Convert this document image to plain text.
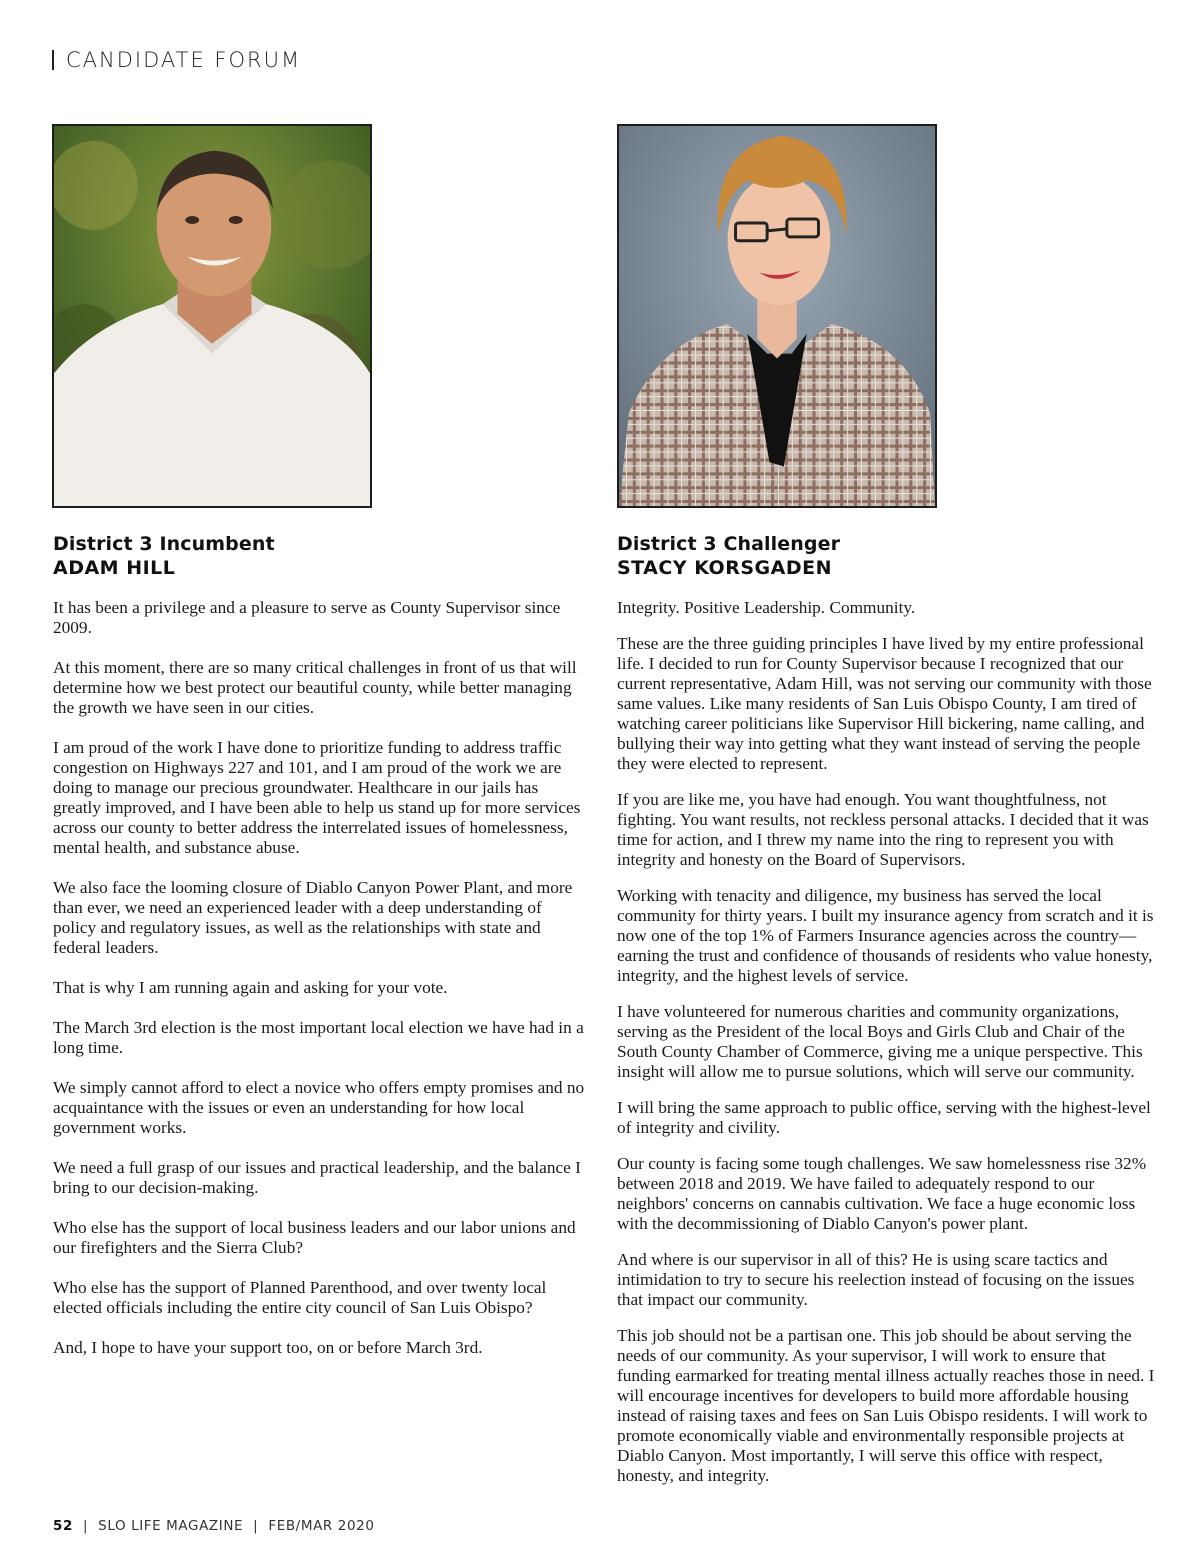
CANDIDATE FORUM
District 3 Incumbent
ADAM HILL

It has been a privilege and a pleasure to serve as County Supervisor since 2009.

At this moment, there are so many critical challenges in front of us that will determine how we best protect our beautiful county, while better managing the growth we have seen in our cities.

I am proud of the work I have done to prioritize funding to address traffic congestion on Highways 227 and 101, and I am proud of the work we are doing to manage our precious groundwater. Healthcare in our jails has greatly improved, and I have been able to help us stand up for more services across our county to better address the interrelated issues of homelessness, mental health, and substance abuse.

We also face the looming closure of Diablo Canyon Power Plant, and more than ever, we need an experienced leader with a deep understanding of policy and regulatory issues, as well as the relationships with state and federal leaders.

That is why I am running again and asking for your vote.

The March 3rd election is the most important local election we have had in a long time.

We simply cannot afford to elect a novice who offers empty promises and no acquaintance with the issues or even an understanding for how local government works.

We need a full grasp of our issues and practical leadership, and the balance I bring to our decision-making.

Who else has the support of local business leaders and our labor unions and our firefighters and the Sierra Club?

Who else has the support of Planned Parenthood, and over twenty local elected officials including the entire city council of San Luis Obispo?

And, I hope to have your support too, on or before March 3rd.

District 3 Challenger
STACY KORSGADEN

Integrity. Positive Leadership. Community.

These are the three guiding principles I have lived by my entire professional life. I decided to run for County Supervisor because I recognized that our current representative, Adam Hill, was not serving our community with those same values. Like many residents of San Luis Obispo County, I am tired of watching career politicians like Supervisor Hill bickering, name calling, and bullying their way into getting what they want instead of serving the people they were elected to represent.

If you are like me, you have had enough. You want thoughtfulness, not fighting. You want results, not reckless personal attacks. I decided that it was time for action, and I threw my name into the ring to represent you with integrity and honesty on the Board of Supervisors.

Working with tenacity and diligence, my business has served the local community for thirty years. I built my insurance agency from scratch and it is now one of the top 1% of Farmers Insurance agencies across the country—earning the trust and confidence of thousands of residents who value honesty, integrity, and the highest levels of service.

I have volunteered for numerous charities and community organizations, serving as the President of the local Boys and Girls Club and Chair of the South County Chamber of Commerce, giving me a unique perspective. This insight will allow me to pursue solutions, which will serve our community.

I will bring the same approach to public office, serving with the highest-level of integrity and civility.

Our county is facing some tough challenges. We saw homelessness rise 32% between 2018 and 2019. We have failed to adequately respond to our neighbors' concerns on cannabis cultivation. We face a huge economic loss with the decommissioning of Diablo Canyon's power plant.

And where is our supervisor in all of this? He is using scare tactics and intimidation to try to secure his reelection instead of focusing on the issues that impact our community.

This job should not be a partisan one. This job should be about serving the needs of our community. As your supervisor, I will work to ensure that funding earmarked for treating mental illness actually reaches those in need. I will encourage incentives for developers to build more affordable housing instead of raising taxes and fees on San Luis Obispo residents. I will work to promote economically viable and environmentally responsible projects at Diablo Canyon. Most importantly, I will serve this office with respect, honesty, and integrity.

52 | SLO LIFE MAGAZINE | FEB/MAR 2020
